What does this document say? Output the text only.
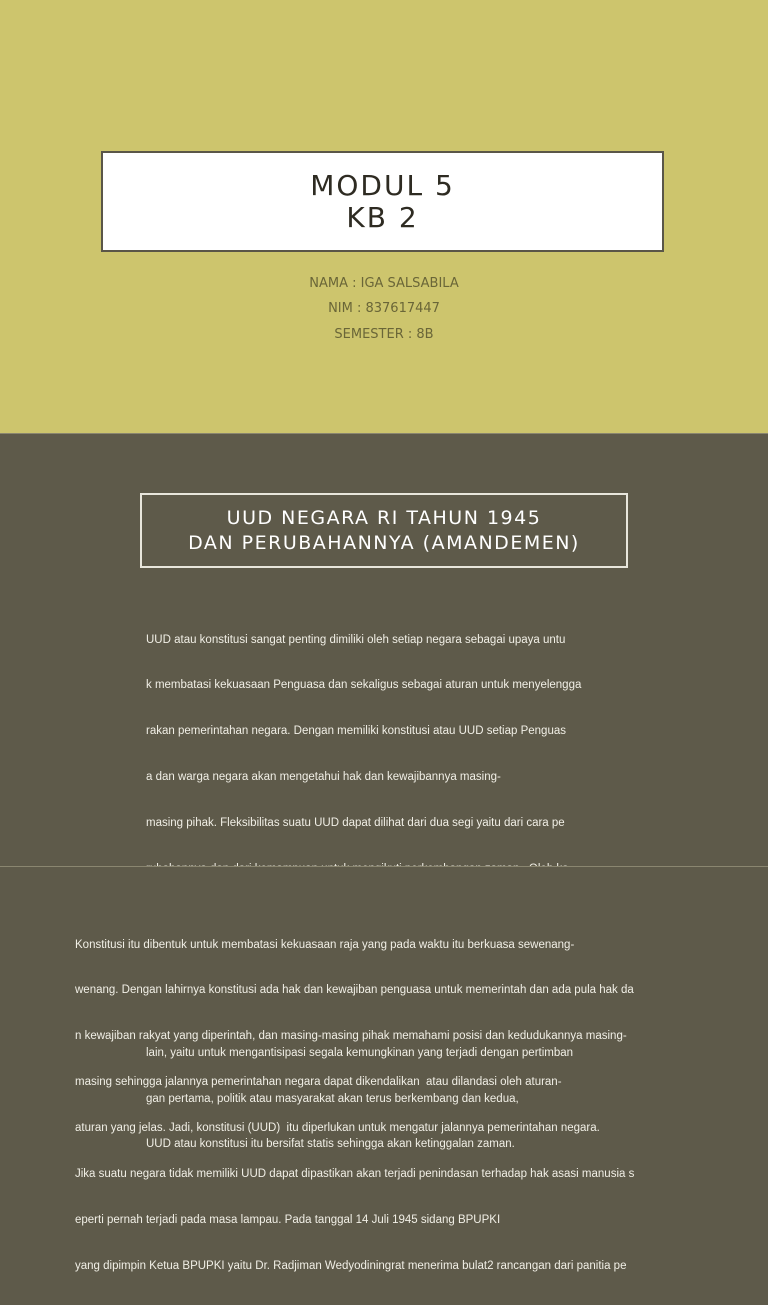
MODUL 5
KB 2
NAMA : IGA SALSABILA
NIM : 837617447
SEMESTER : 8B
UUD NEGARA RI TAHUN 1945
DAN PERUBAHANNYA (AMANDEMEN)

UUD atau konstitusi sangat penting dimiliki oleh setiap negara sebagai upaya untu

k membatasi kekuasaan Penguasa dan sekaligus sebagai aturan untuk menyelengga

rakan pemerintahan negara. Dengan memiliki konstitusi atau UUD setiap Penguas

a dan warga negara akan mengetahui hak dan kewajibannya masing-

masing pihak. Fleksibilitas suatu UUD dapat dilihat dari dua segi yaitu dari cara pe

lain, yaitu untuk mengantisipasi segala kemungkinan yang terjadi dengan pertimban

gan pertama, politik atau masyarakat akan terus berkembang dan kedua,

UUD atau konstitusi itu bersifat statis sehingga akan ketinggalan zaman.

Konstitusi itu dibentuk untuk membatasi kekuasaan raja yang pada waktu itu berkuasa sewenang-

wenang. Dengan lahirnya konstitusi ada hak dan kewajiban penguasa untuk memerintah dan ada pula hak da

n kewajiban rakyat yang diperintah, dan masing-masing pihak memahami posisi dan kedudukannya masing-

masing sehingga jalannya pemerintahan negara dapat dikendalikan  atau dilandasi oleh aturan-

aturan yang jelas. Jadi, konstitusi (UUD)  itu diperlukan untuk mengatur jalannya pemerintahan negara.

Jika suatu negara tidak memiliki UUD dapat dipastikan akan terjadi penindasan terhadap hak asasi manusia s

eperti pernah terjadi pada masa lampau. Pada tanggal 14 Juli 1945 sidang BPUPKI

yang dipimpin Ketua BPUPKI yaitu Dr. Radjiman Wedyodiningrat menerima bulat2 rancangan dari panitia pe
